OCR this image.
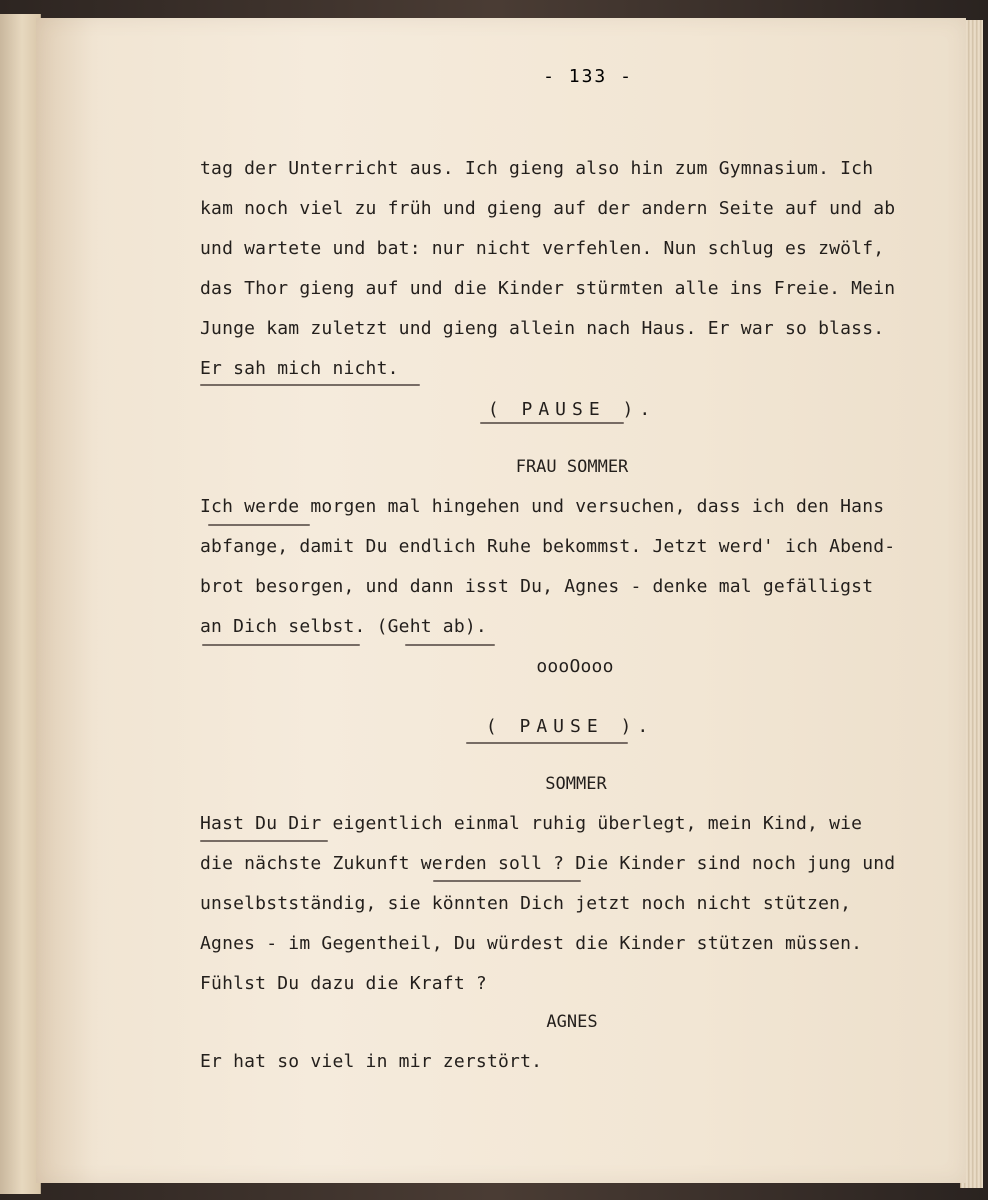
- 133 -
tag der Unterricht aus. Ich gieng also hin zum Gymnasium. Ich
kam noch viel zu früh und gieng auf der andern Seite auf und ab
und wartete und bat: nur nicht verfehlen. Nun schlug es zwölf,
das Thor gieng auf und die Kinder stürmten alle ins Freie. Mein
Junge kam zuletzt und gieng allein nach Haus. Er war so blass.
Er sah mich nicht.
( PAUSE ).
FRAU SOMMER
Ich werde morgen mal hingehen und versuchen, dass ich den Hans
abfange, damit Du endlich Ruhe bekommst. Jetzt werd' ich Abend-
brot besorgen, und dann isst Du, Agnes - denke mal gefälligst
an Dich selbst. (Geht ab).
oooOooo
( PAUSE ).
SOMMER
Hast Du Dir eigentlich einmal ruhig überlegt, mein Kind, wie
die nächste Zukunft werden soll ? Die Kinder sind noch jung und
unselbstständig, sie könnten Dich jetzt noch nicht stützen,
Agnes - im Gegentheil, Du würdest die Kinder stützen müssen.
Fühlst Du dazu die Kraft ?
AGNES
Er hat so viel in mir zerstört.
